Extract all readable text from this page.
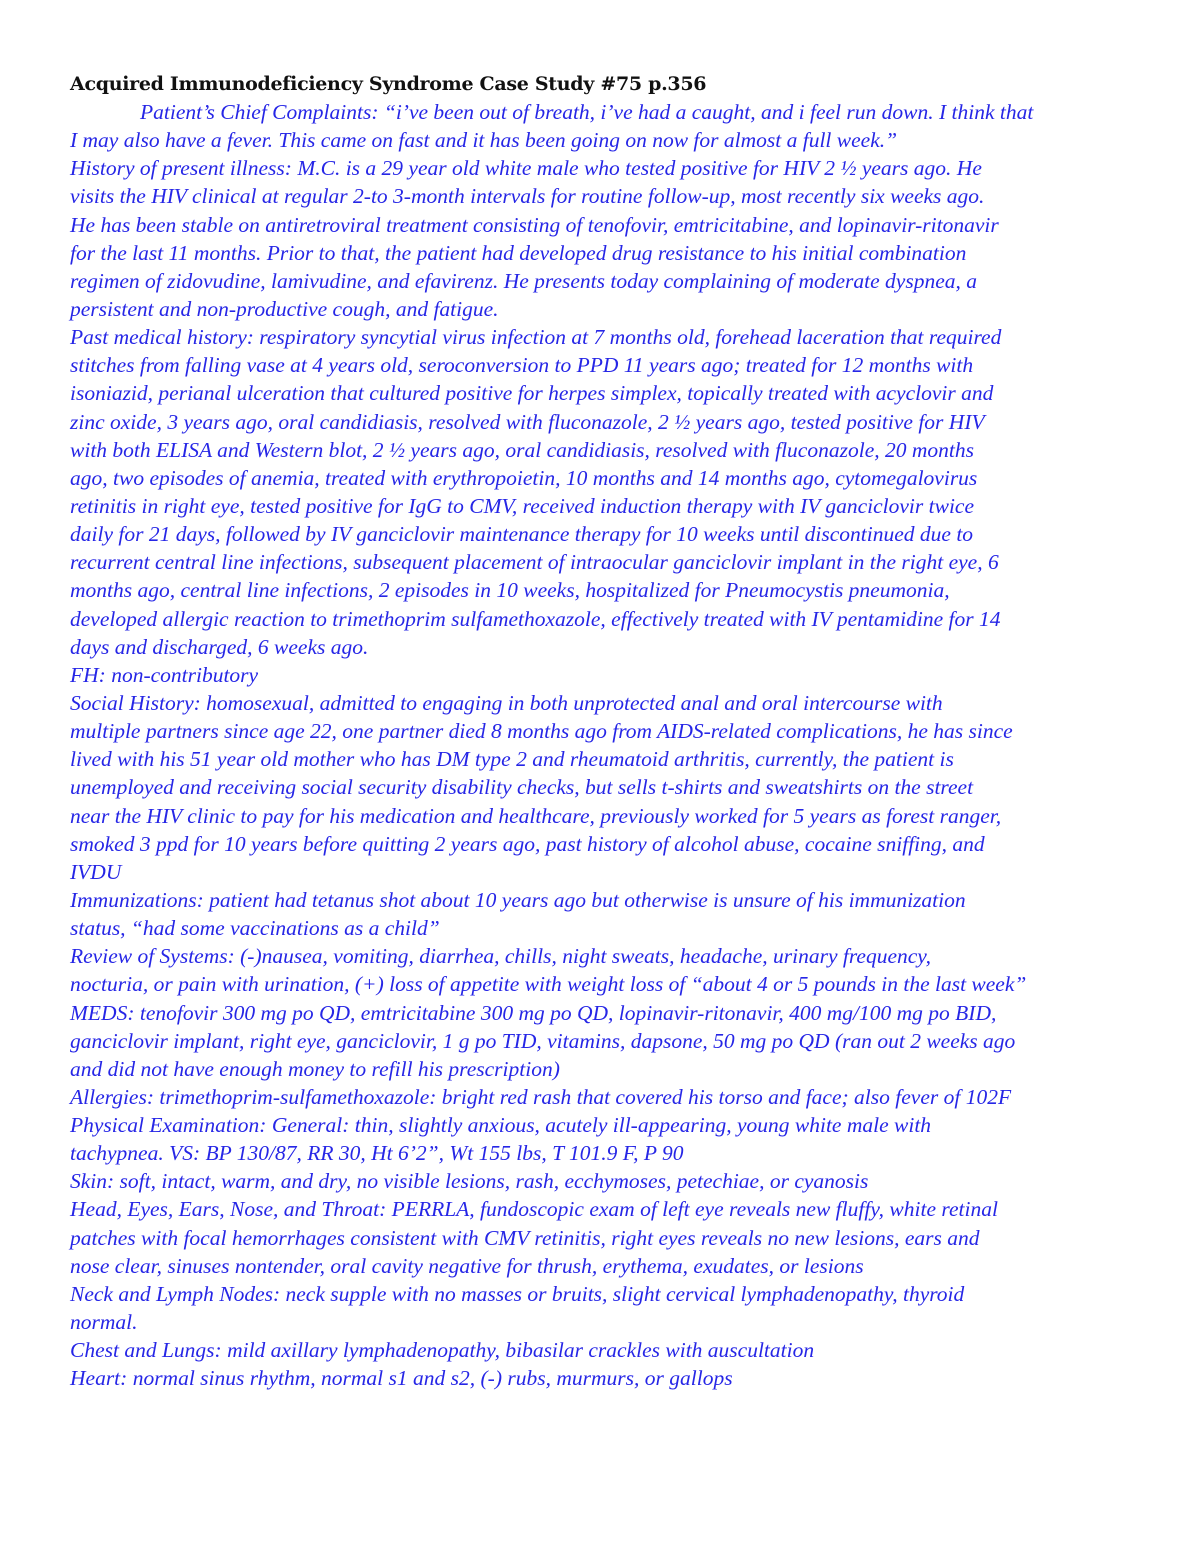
Acquired Immunodeficiency Syndrome Case Study #75 p.356
Patient’s Chief Complaints: “i’ve been out of breath, i’ve had a caught, and i feel run down. I think that
I may also have a fever. This came on fast and it has been going on now for almost a full week.”
History of present illness: M.C. is a 29 year old white male who tested positive for HIV 2 ½ years ago. He
visits the HIV clinical at regular 2-to 3-month intervals for routine follow-up, most recently six weeks ago.
He has been stable on antiretroviral treatment consisting of tenofovir, emtricitabine, and lopinavir-ritonavir
for the last 11 months. Prior to that, the patient had developed drug resistance to his initial combination
regimen of zidovudine, lamivudine, and efavirenz. He presents today complaining of moderate dyspnea, a
persistent and non-productive cough, and fatigue.
Past medical history: respiratory syncytial virus infection at 7 months old, forehead laceration that required
stitches from falling vase at 4 years old, seroconversion to PPD 11 years ago; treated for 12 months with
isoniazid, perianal ulceration that cultured positive for herpes simplex, topically treated with acyclovir and
zinc oxide, 3 years ago, oral candidiasis, resolved with fluconazole, 2 ½ years ago, tested positive for HIV
with both ELISA and Western blot, 2 ½ years ago, oral candidiasis, resolved with fluconazole, 20 months
ago, two episodes of anemia, treated with erythropoietin, 10 months and 14 months ago, cytomegalovirus
retinitis in right eye, tested positive for IgG to CMV, received induction therapy with IV ganciclovir twice
daily for 21 days, followed by IV ganciclovir maintenance therapy for 10 weeks until discontinued due to
recurrent central line infections, subsequent placement of intraocular ganciclovir implant in the right eye, 6
months ago, central line infections, 2 episodes in 10 weeks, hospitalized for Pneumocystis pneumonia,
developed allergic reaction to trimethoprim sulfamethoxazole, effectively treated with IV pentamidine for 14
days and discharged, 6 weeks ago.
FH: non-contributory
Social History: homosexual, admitted to engaging in both unprotected anal and oral intercourse with
multiple partners since age 22, one partner died 8 months ago from AIDS-related complications, he has since
lived with his 51 year old mother who has DM type 2 and rheumatoid arthritis, currently, the patient is
unemployed and receiving social security disability checks, but sells t-shirts and sweatshirts on the street
near the HIV clinic to pay for his medication and healthcare, previously worked for 5 years as forest ranger,
smoked 3 ppd for 10 years before quitting 2 years ago, past history of alcohol abuse, cocaine sniffing, and
IVDU
Immunizations: patient had tetanus shot about 10 years ago but otherwise is unsure of his immunization
status, “had some vaccinations as a child”
Review of Systems: (-)nausea, vomiting, diarrhea, chills, night sweats, headache, urinary frequency,
nocturia, or pain with urination, (+) loss of appetite with weight loss of “about 4 or 5 pounds in the last week”
MEDS: tenofovir 300 mg po QD, emtricitabine 300 mg po QD, lopinavir-ritonavir, 400 mg/100 mg po BID,
ganciclovir implant, right eye, ganciclovir, 1 g po TID, vitamins, dapsone, 50 mg po QD (ran out 2 weeks ago
and did not have enough money to refill his prescription)
Allergies: trimethoprim-sulfamethoxazole: bright red rash that covered his torso and face; also fever of 102F
Physical Examination: General: thin, slightly anxious, acutely ill-appearing, young white male with
tachypnea. VS: BP 130/87, RR 30, Ht 6’2”, Wt 155 lbs, T 101.9 F, P 90
Skin: soft, intact, warm, and dry, no visible lesions, rash, ecchymoses, petechiae, or cyanosis
Head, Eyes, Ears, Nose, and Throat: PERRLA, fundoscopic exam of left eye reveals new fluffy, white retinal
patches with focal hemorrhages consistent with CMV retinitis, right eyes reveals no new lesions, ears and
nose clear, sinuses nontender, oral cavity negative for thrush, erythema, exudates, or lesions
Neck and Lymph Nodes: neck supple with no masses or bruits, slight cervical lymphadenopathy, thyroid
normal.
Chest and Lungs: mild axillary lymphadenopathy, bibasilar crackles with auscultation
Heart: normal sinus rhythm, normal s1 and s2, (-) rubs, murmurs, or gallops
